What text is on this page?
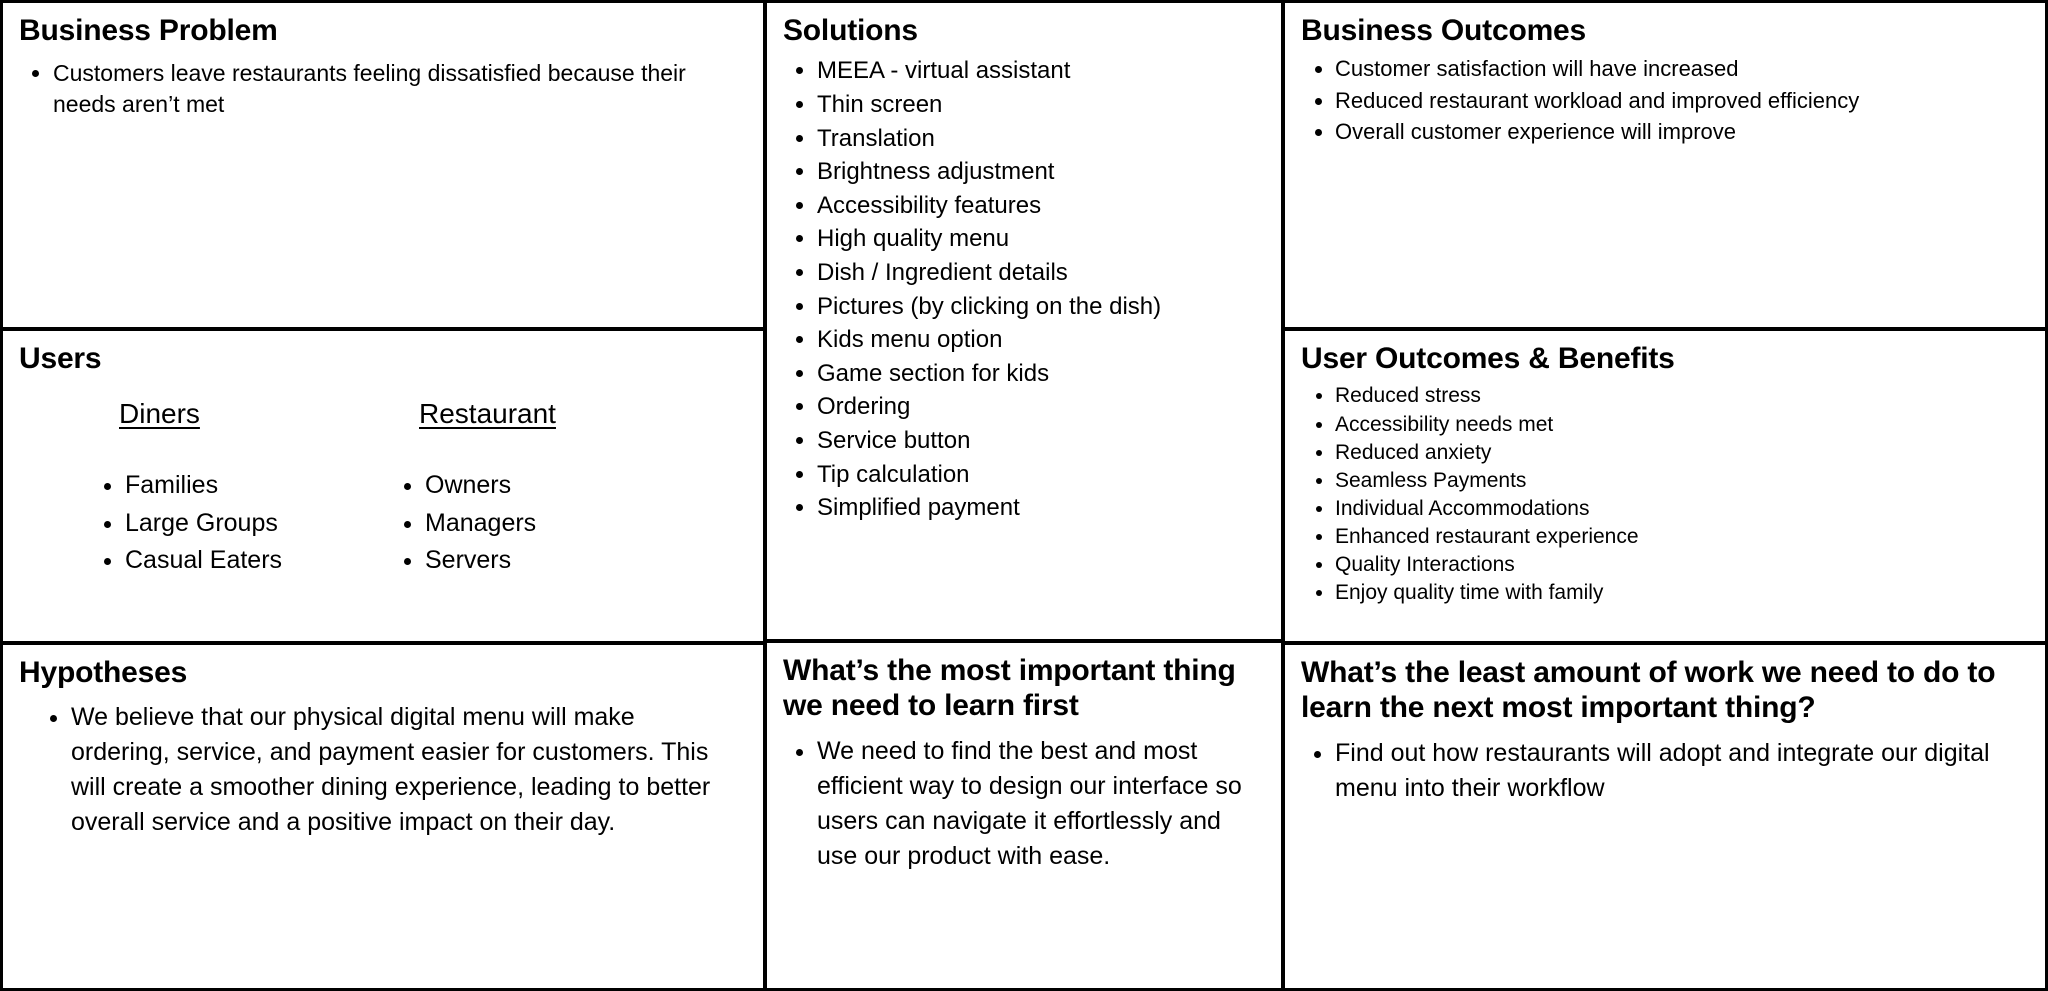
Business Problem
• Customers leave restaurants feeling dissatisfied because their needs aren’t met
Users
Diners
• Families
• Large Groups
• Casual Eaters
Restaurant
• Owners
• Managers
• Servers
Hypotheses
• We believe that our physical digital menu will make ordering, service, and payment easier for customers. This will create a smoother dining experience, leading to better overall service and a positive impact on their day.
Solutions
• MEEA - virtual assistant
• Thin screen
• Translation
• Brightness adjustment
• Accessibility features
• High quality menu
• Dish / Ingredient details
• Pictures (by clicking on the dish)
• Kids menu option
• Game section for kids
• Ordering
• Service button
• Tip calculation
• Simplified payment
What’s the most important thing we need to learn first
• We need to find the best and most efficient way to design our interface so users can navigate it effortlessly and use our product with ease.
Business Outcomes
• Customer satisfaction will have increased
• Reduced restaurant workload and improved efficiency
• Overall customer experience will improve
User Outcomes & Benefits
• Reduced stress
• Accessibility needs met
• Reduced anxiety
• Seamless Payments
• Individual Accommodations
• Enhanced restaurant experience
• Quality Interactions
• Enjoy quality time with family
What’s the least amount of work we need to do to learn the next most important thing?
• Find out how restaurants will adopt and integrate our digital menu into their workflow
